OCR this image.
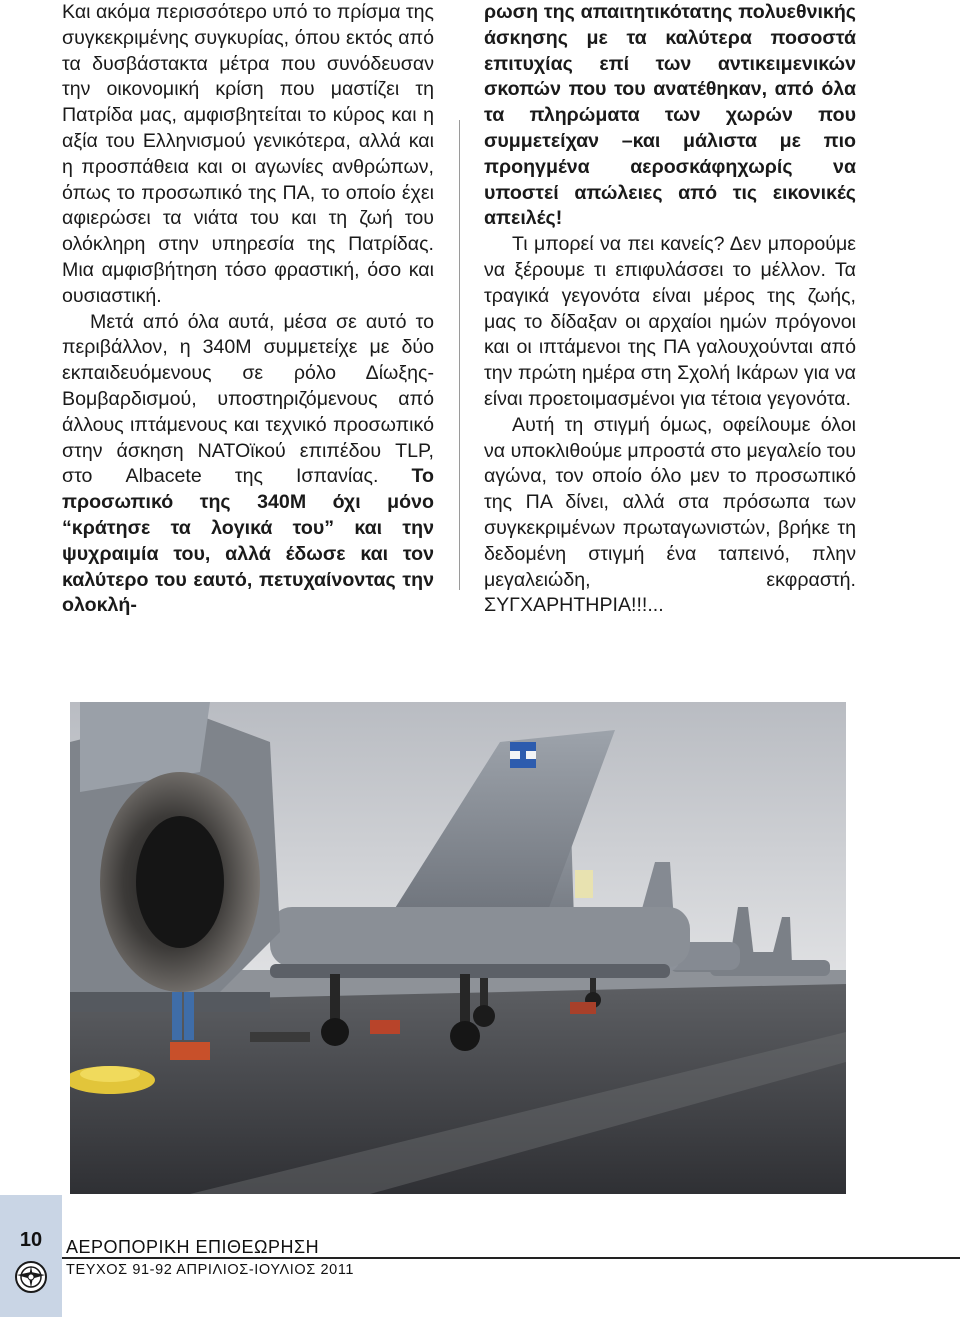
Και ακόμα περισσότερο υπό το πρίσμα της συγκεκριμένης συγκυρίας, όπου εκτός από τα δυσβάστακτα μέτρα που συνόδευσαν την οικονομική κρίση που μαστίζει τη Πατρίδα μας, αμφισβητείται το κύρος και η αξία του Ελληνισμού γενικότερα, αλλά και η προσπάθεια και οι αγωνίες ανθρώπων, όπως το προσωπικό της ΠΑ, το οποίο έχει αφιερώσει τα νιάτα του και τη ζωή του ολόκληρη στην υπηρεσία της Πατρίδας. Μια αμφισβήτηση τόσο φραστική, όσο και ουσιαστική.

Μετά από όλα αυτά, μέσα σε αυτό το περιβάλλον, η 340Μ συμμετείχε με δύο εκπαιδευόμενους σε ρόλο Δίωξης-Βομβαρδισμού, υποστηριζόμενους από άλλους ιπτάμενους και τεχνικό προσωπικό στην άσκηση ΝΑΤΟϊκού επιπέδου TLP, στο Albacete της Ισπανίας. Το προσωπικό της 340Μ όχι μόνο “κράτησε τα λογικά του” και την ψυχραιμία του, αλλά έδωσε και τον καλύτερο του εαυτό, πετυχαίνοντας την ολοκλή-

ρωση της απαιτητικότατης πολυεθνικής άσκησης με τα καλύτερα ποσοστά επιτυχίας επί των αντικειμενικών σκοπών που του ανατέθηκαν, από όλα τα πληρώματα των χωρών που συμμετείχαν –και μάλιστα με πιο προηγμένα αεροσκάφηχωρίς να υποστεί απώλειες από τις εικονικές απειλές!

Τι μπορεί να πει κανείς? Δεν μπορούμε να ξέρουμε τι επιφυλάσσει το μέλλον. Τα τραγικά γεγονότα είναι μέρος της ζωής, μας το δίδαξαν οι αρχαίοι ημών πρόγονοι και οι ιπτάμενοι της ΠΑ γαλουχούνται από την πρώτη ημέρα στη Σχολή Ικάρων για να είναι προετοιμασμένοι για τέτοια γεγονότα.

Αυτή τη στιγμή όμως, οφείλουμε όλοι να υποκλιθούμε μπροστά στο μεγαλείο του αγώνα, τον οποίο όλο μεν το προσωπικό της ΠΑ δίνει, αλλά στα πρόσωπα των συγκεκριμένων πρωταγωνιστών, βρήκε τη δεδομένη στιγμή ένα ταπεινό, πλην μεγαλειώδη, εκφραστή. ΣΥΓΧΑΡΗΤΗΡΙΑ!!!...

10	ΑΕΡΟΠΟΡΙΚΗ ΕΠΙΘΕΩΡΗΣΗ
ΤΕΥΧΟΣ 91-92 ΑΠΡΙΛΙΟΣ-ΙΟΥΛΙΟΣ 2011
